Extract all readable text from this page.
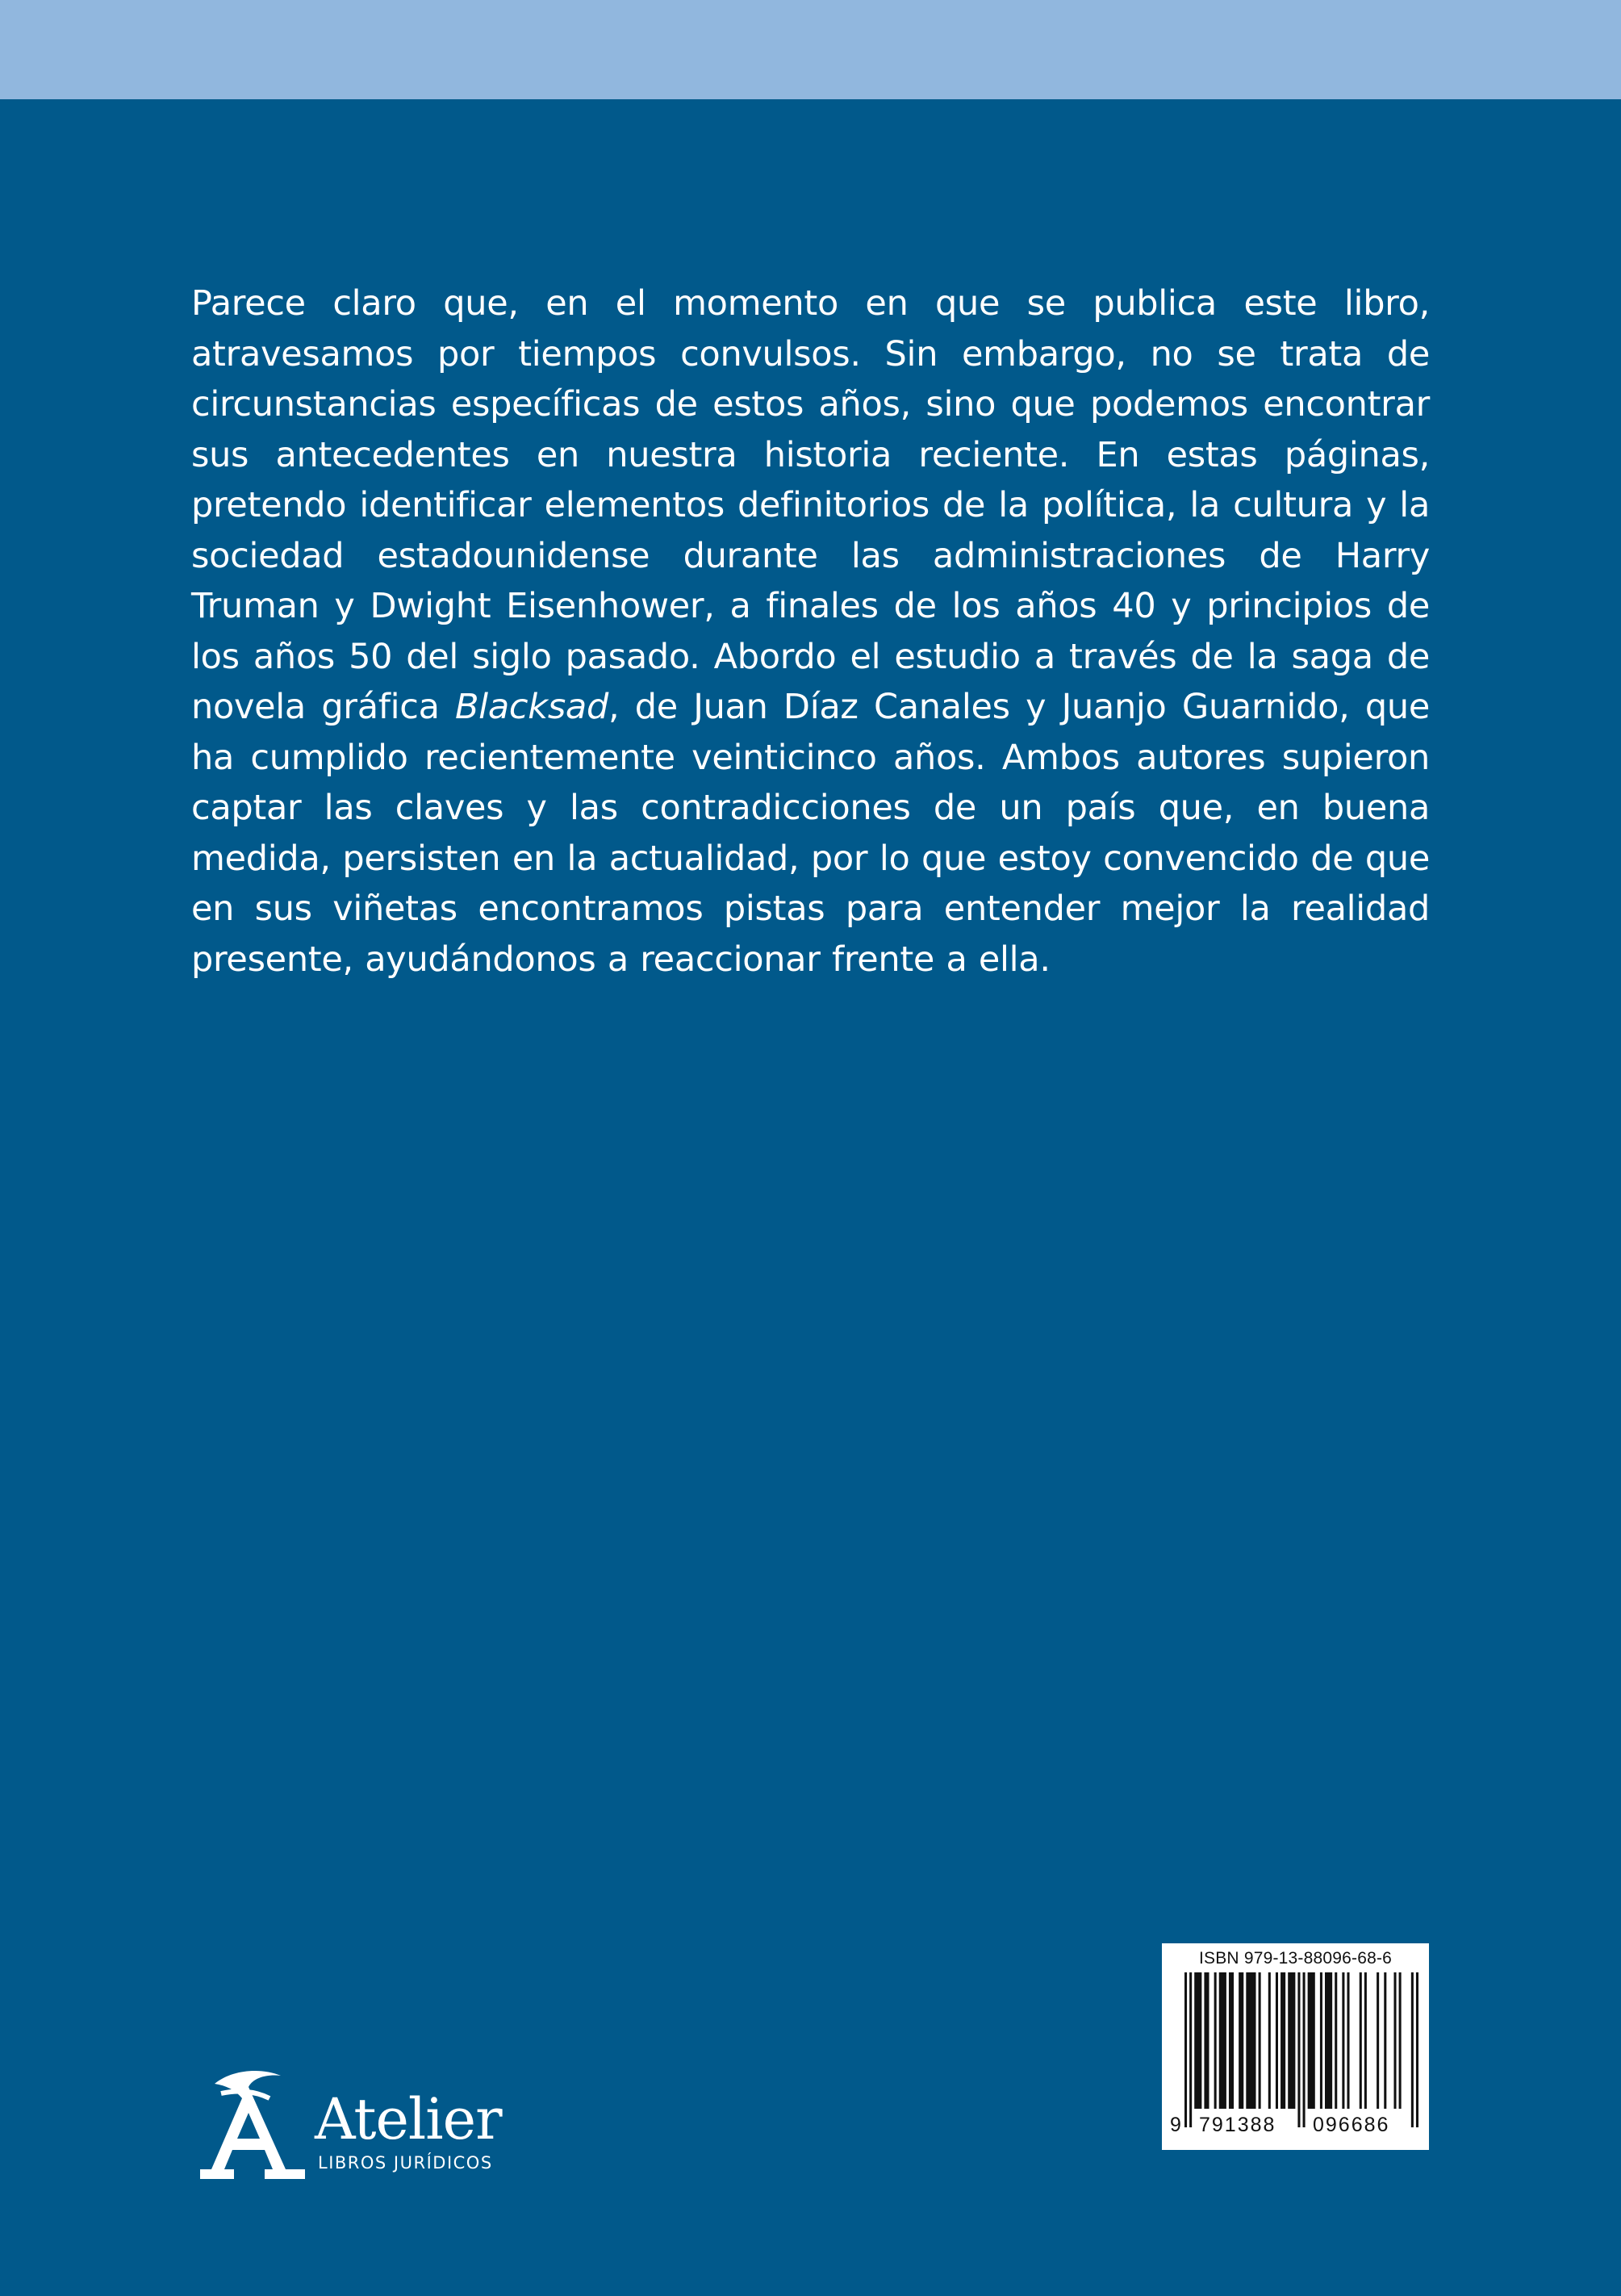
Parece claro que, en el momento en que se publica este libro, atravesamos por tiempos convulsos. Sin embargo, no se trata de circunstancias específicas de estos años, sino que podemos encontrar sus antecedentes en nuestra historia reciente. En estas páginas, pretendo identificar elementos definitorios de la política, la cultura y la sociedad estadounidense durante las administraciones de Harry Truman y Dwight Eisenhower, a finales de los años 40 y principios de los años 50 del siglo pasado. Abordo el estudio a través de la saga de novela gráfica Blacksad, de Juan Díaz Canales y Juanjo Guarnido, que ha cumplido recientemente veinticinco años. Ambos autores supieron captar las claves y las contradicciones de un país que, en buena medida, persisten en la actualidad, por lo que estoy convencido de que en sus viñetas encontramos pistas para entender mejor la realidad presente, ayudándonos a reaccionar frente a ella.

Atelier
LIBROS JURÍDICOS
ISBN 979-13-88096-68-6
9 791388 096686
